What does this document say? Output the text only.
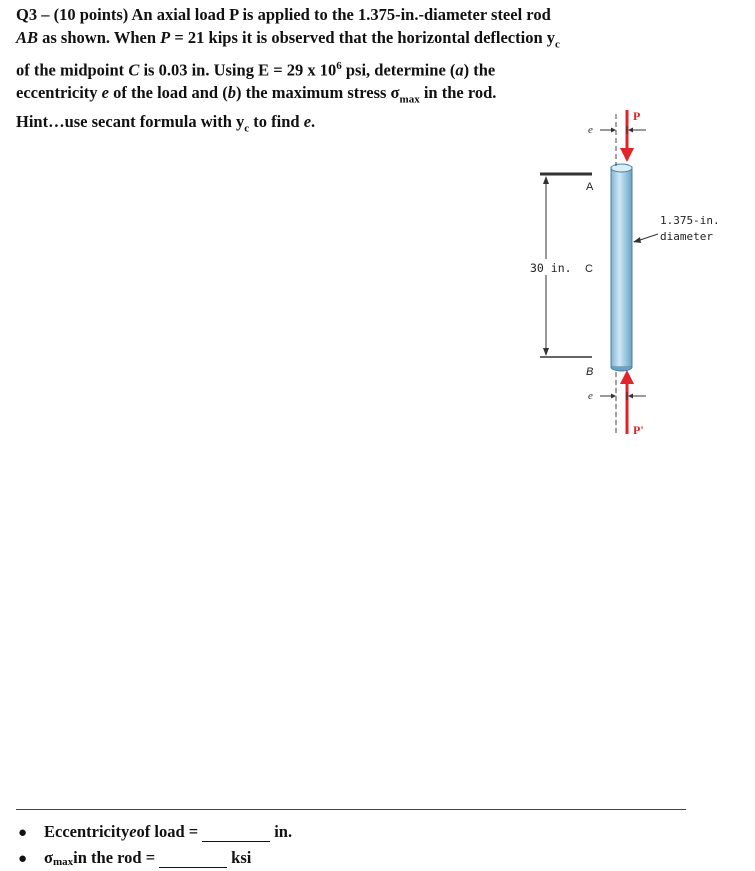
Q3 – (10 points) An axial load P is applied to the 1.375-in.-diameter steel rod

AB as shown. When P = 21 kips it is observed that the horizontal deflection $y_c$

of the midpoint C is 0.03 in. Using E = 29 x $10^6$ psi, determine (a) the

eccentricity e of the load and (b) the maximum stress $\sigma_{max}$ in the rod.

Hint…use secant formula with $y_c$ to find e.

30 in.
P
e
A
C
B
P'
e
1.375-in.
diameter
●	Eccentricity e of load =	in.
●	$\sigma_{max}$ in the rod =	ksi
